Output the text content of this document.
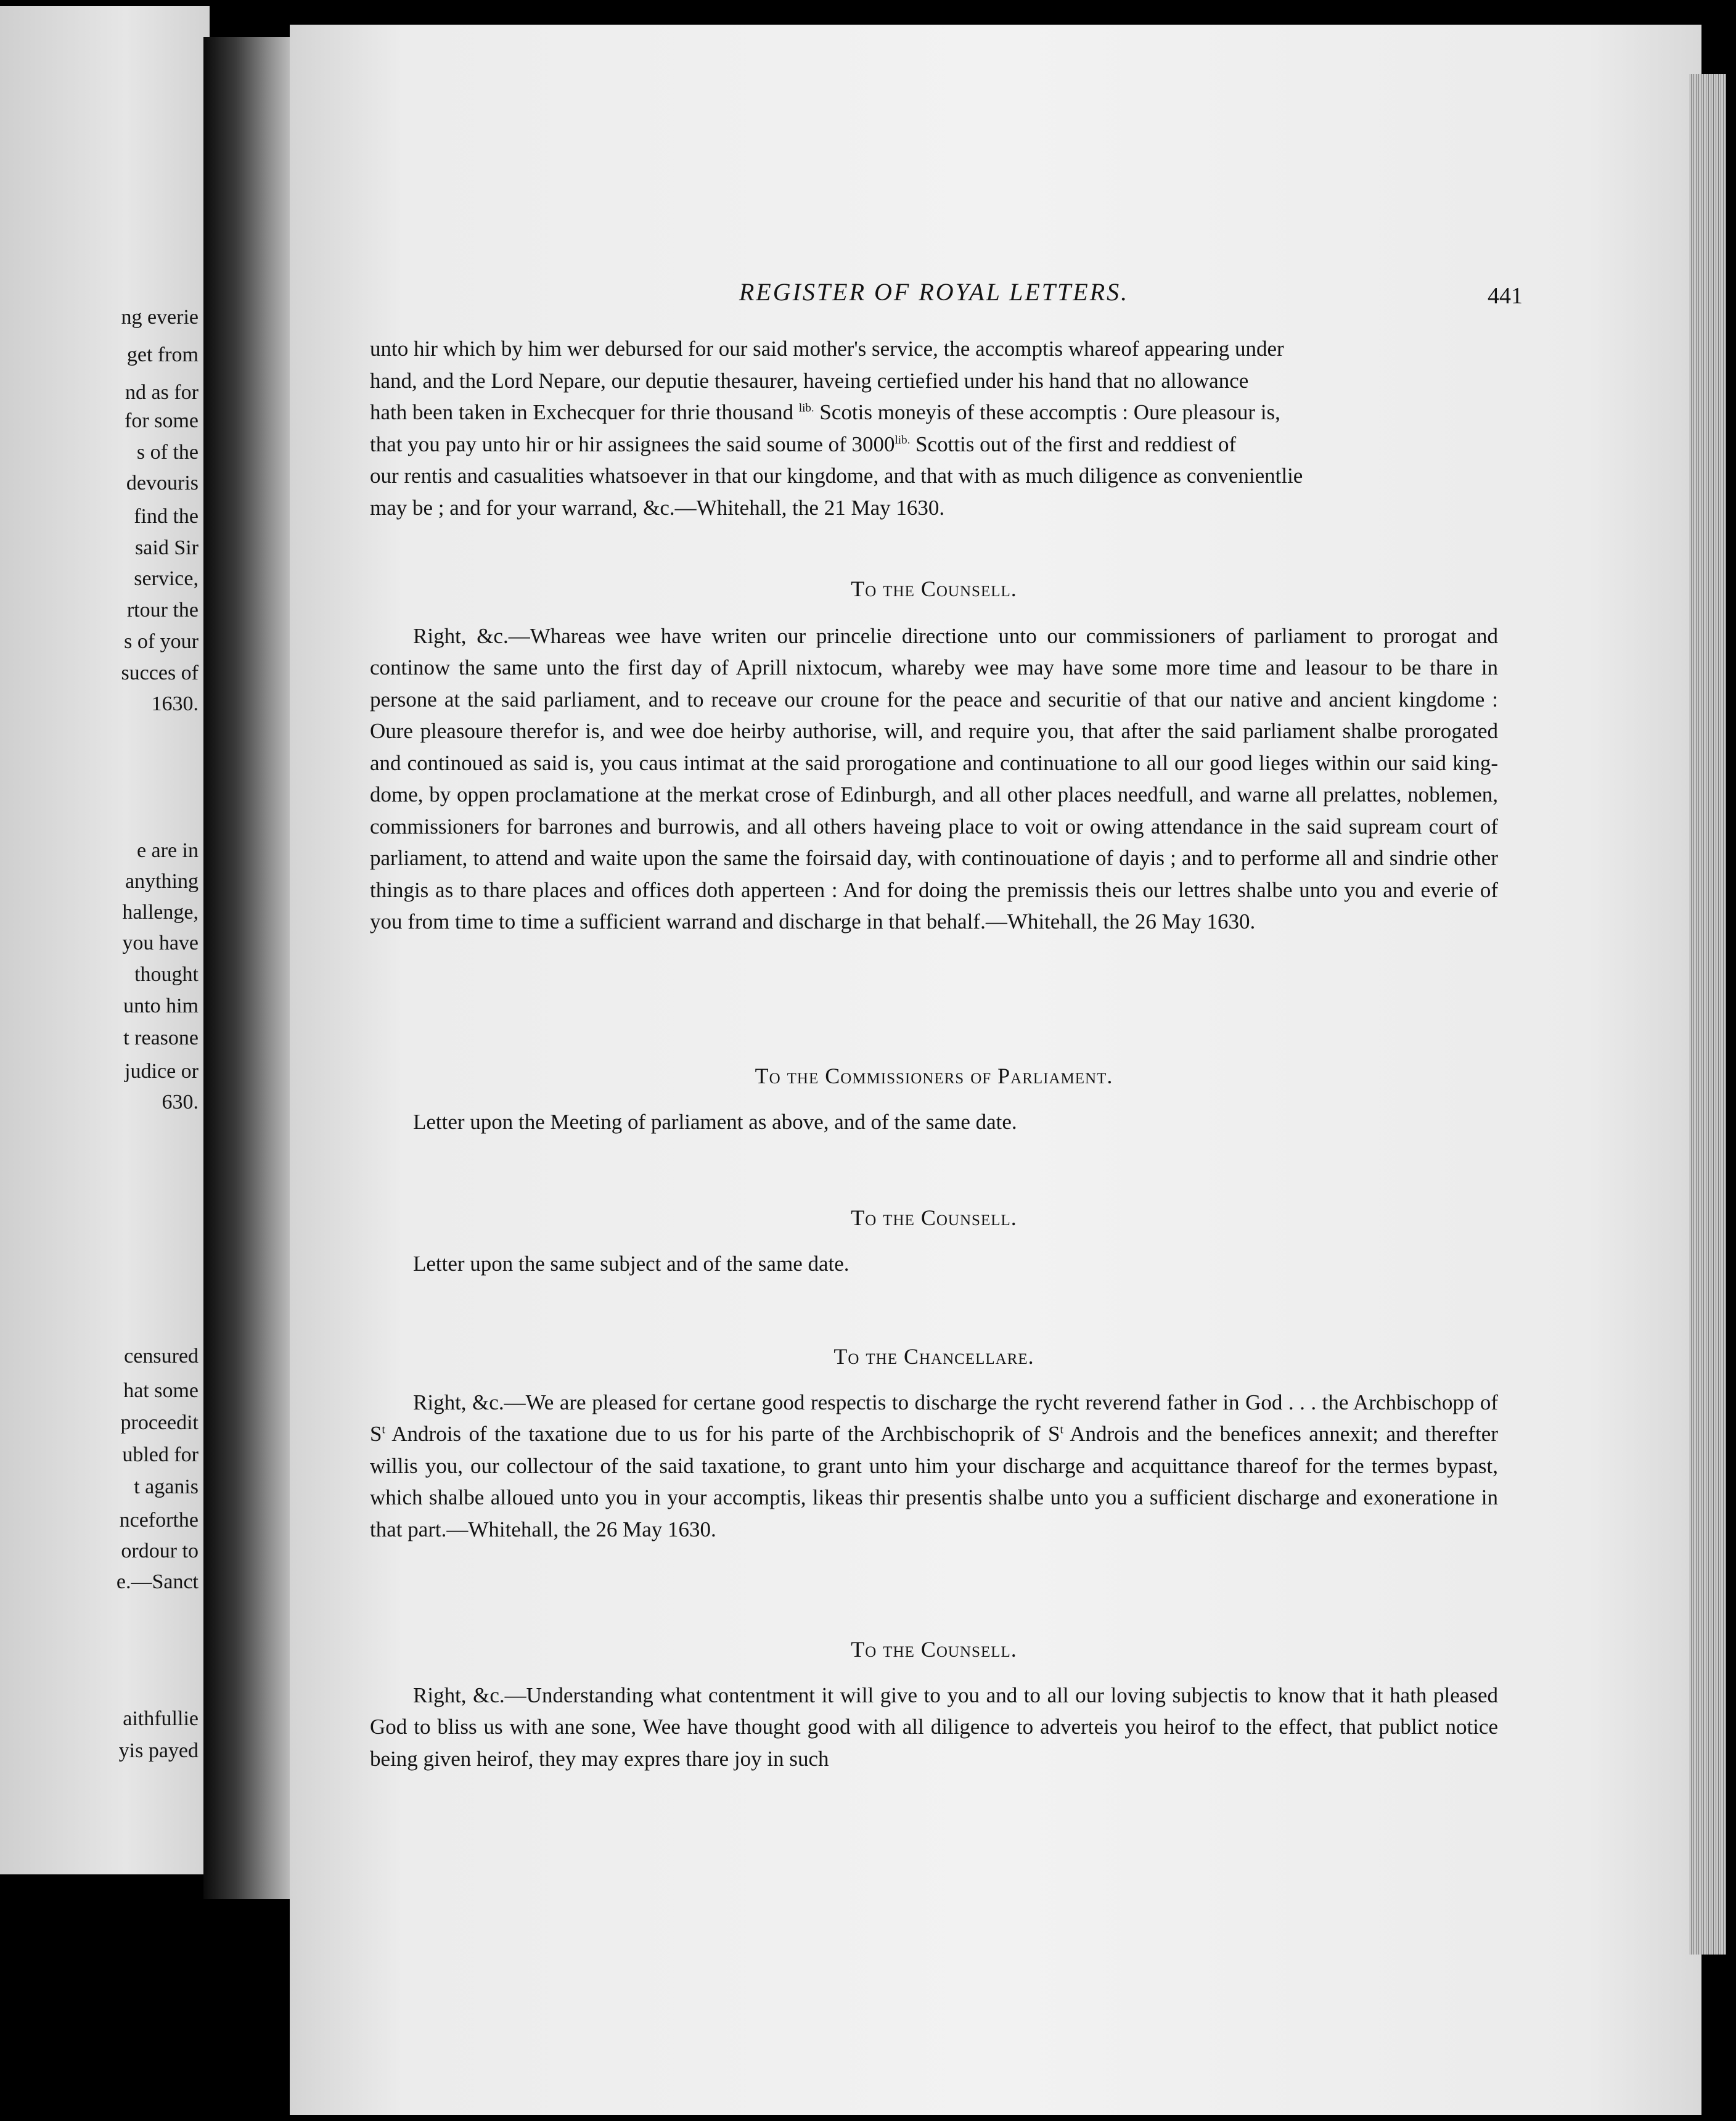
ng everie
get from
nd as for
for some
s of the
devouris
find the
said Sir
service,
rtour the
s of your
succes of
1630.
e are in
anything
hallenge,
you have
thought
unto him
t reasone
judice or
630.
censured
hat some
proceedit
ubled for
t aganis
nceforthe
ordour to
e.—Sanct
aithfullie
yis payed
REGISTER OF ROYAL LETTERS.	441

unto hir which by him wer debursed for our said mother's service, the accomptis whareof appearing under

hand, and the Lord Nepare, our deputie thesaurer, haveing certiefied under his hand that no allowance

hath been taken in Exchecquer for thrie thousand $^{lib.}$ Scotis moneyis of these accomptis : Oure pleasour is,

that you pay unto hir or hir assignees the said soume of $3000^{lib.}$ Scottis out of the first and reddiest of

our rentis and casualities whatsoever in that our kingdome, and that with as much diligence as convenientlie

may be ; and for your warrand, &c.—Whitehall, the 21 May 1630.

To the Counsell.

Right, &c.—Whareas wee have writen our princelie directione unto our commissioners of parliament to prorogat and continow the same unto the first day of Aprill nixtocum, whareby wee may have some more time and leasour to be thare in persone at the said parliament, and to receave our croune for the peace and securitie of that our native and ancient kingdome : Oure pleasoure therefor is, and wee doe heirby authorise, will, and require you, that after the said parliament shalbe prorogated and continoued as said is, you caus intimat at the said prorogatione and continuatione to all our good lieges within our said king-dome, by oppen proclamatione at the merkat crose of Edinburgh, and all other places needfull, and warne all prelattes, noblemen, commissioners for barrones and burrowis, and all others haveing place to voit or owing attendance in the said supream court of parliament, to attend and waite upon the same the foirsaid day, with continouatione of dayis ; and to performe all and sindrie other thingis as to thare places and offices doth apperteen : And for doing the premissis theis our lettres shalbe unto you and everie of you from time to time a sufficient warrand and discharge in that behalf.—Whitehall, the 26 May 1630.

To the Commissioners of Parliament.

Letter upon the Meeting of parliament as above, and of the same date.

To the Counsell.

Letter upon the same subject and of the same date.

To the Chancellare.

Right, &c.—We are pleased for certane good respectis to discharge the rycht reverend father in God . . . the Archbischopp of $S^t$ Androis of the taxatione due to us for his parte of the Archbischoprik of $S^t$ Androis and the benefices annexit; and therefter willis you, our collectour of the said taxatione, to grant unto him your discharge and acquittance thareof for the termes bypast, which shalbe alloued unto you in your accomptis, likeas thir presentis shalbe unto you a sufficient discharge and exoneratione in that part.—Whitehall, the 26 May 1630.

To the Counsell.

Right, &c.—Understanding what contentment it will give to you and to all our loving subjectis to know that it hath pleased God to bliss us with ane sone, Wee have thought good with all diligence to adverteis you heirof to the effect, that publict notice being given heirof, they may expres thare joy in such
